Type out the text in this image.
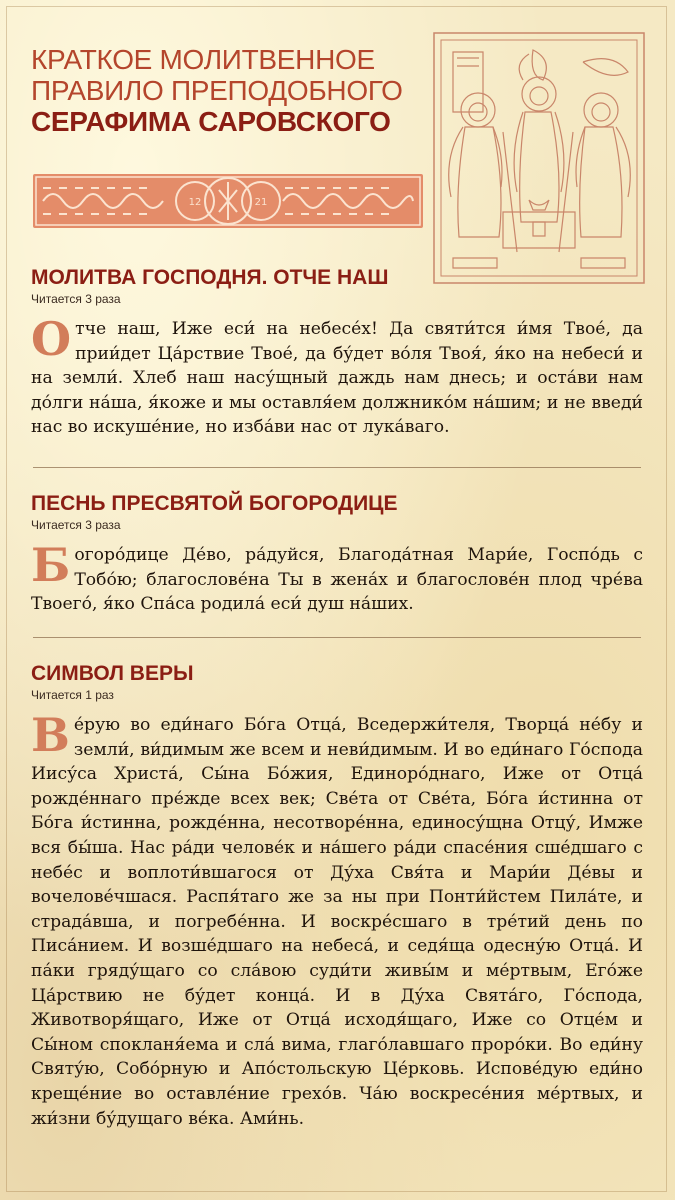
КРАТКОЕ МОЛИТВЕННОЕ
ПРАВИЛО ПРЕПОДОБНОГО
СЕРАФИМА САРОВСКОГО
12	21
МОЛИТВА ГОСПОДНЯ. ОТЧЕ НАШ
Читается 3 раза

Отче наш, Иже еси́ на небесе́х! Да святи́тся и́мя Твое́, да прии́дет Ца́рствие Твое́, да бу́дет во́ля Твоя́, я́ко на небеси́ и на земли́. Хлеб наш насу́щный даждь нам днесь; и оста́ви нам до́лги на́ша, я́коже и мы оставля́ем должнико́м на́шим; и не введи́ нас во искуше́ние, но изба́ви нас от лука́ваго.

ПЕСНЬ ПРЕСВЯТОЙ БОГОРОДИЦЕ
Читается 3 раза

Богоро́дице Де́во, ра́дуйся, Благода́тная Мари́е, Госпо́дь с Тобо́ю; благослове́на Ты в жена́х и благослове́н плод чре́ва Твоего́, я́ко Спа́са родила́ еси́ душ на́ших.

СИМВОЛ ВЕРЫ
Читается 1 раз

Ве́рую во еди́наго Бо́га Отца́, Вседержи́теля, Творца́ не́бу и земли́, ви́димым же всем и неви́димым. И во еди́наго Го́спода Иису́са Христа́, Сы́на Бо́жия, Единоро́днаго, Иже от Отца́ рожде́ннаго пре́жде всех век; Све́та от Све́та, Бо́га и́стинна от Бо́га и́стинна, рожде́нна, несотворе́нна, единосу́щна Отцу́, Имже вся бы́ша. Нас ра́ди челове́к и на́шего ра́ди спасе́ния сше́дшаго с небе́с и воплоти́вшагося от Ду́ха Свя́та и Мари́и Де́вы и вочелове́чшася. Распя́таго же за ны при Понти́йстем Пила́те, и страда́вша, и погребе́нна. И воскре́сшаго в тре́тий день по Писа́нием. И возше́дшаго на небеса́, и седя́ща одесну́ю Отца́. И па́ки гряду́щаго со сла́вою суди́ти живы́м и ме́ртвым, Его́же Ца́рствию не бу́дет конца́. И в Ду́ха Свята́го, Го́спода, Животворя́щаго, Иже от Отца́ исходя́щаго, Иже со Отце́м и Сы́ном спокланя́ема и сла́ вима, глаго́лавшаго проро́ки. Во еди́ну Святу́ю, Собо́рную и Апо́стольскую Це́рковь. Испове́дую еди́но креще́ние во оставле́ние грехо́в. Ча́ю воскресе́ния ме́ртвых, и жи́зни бу́дущаго ве́ка. Ами́нь.
